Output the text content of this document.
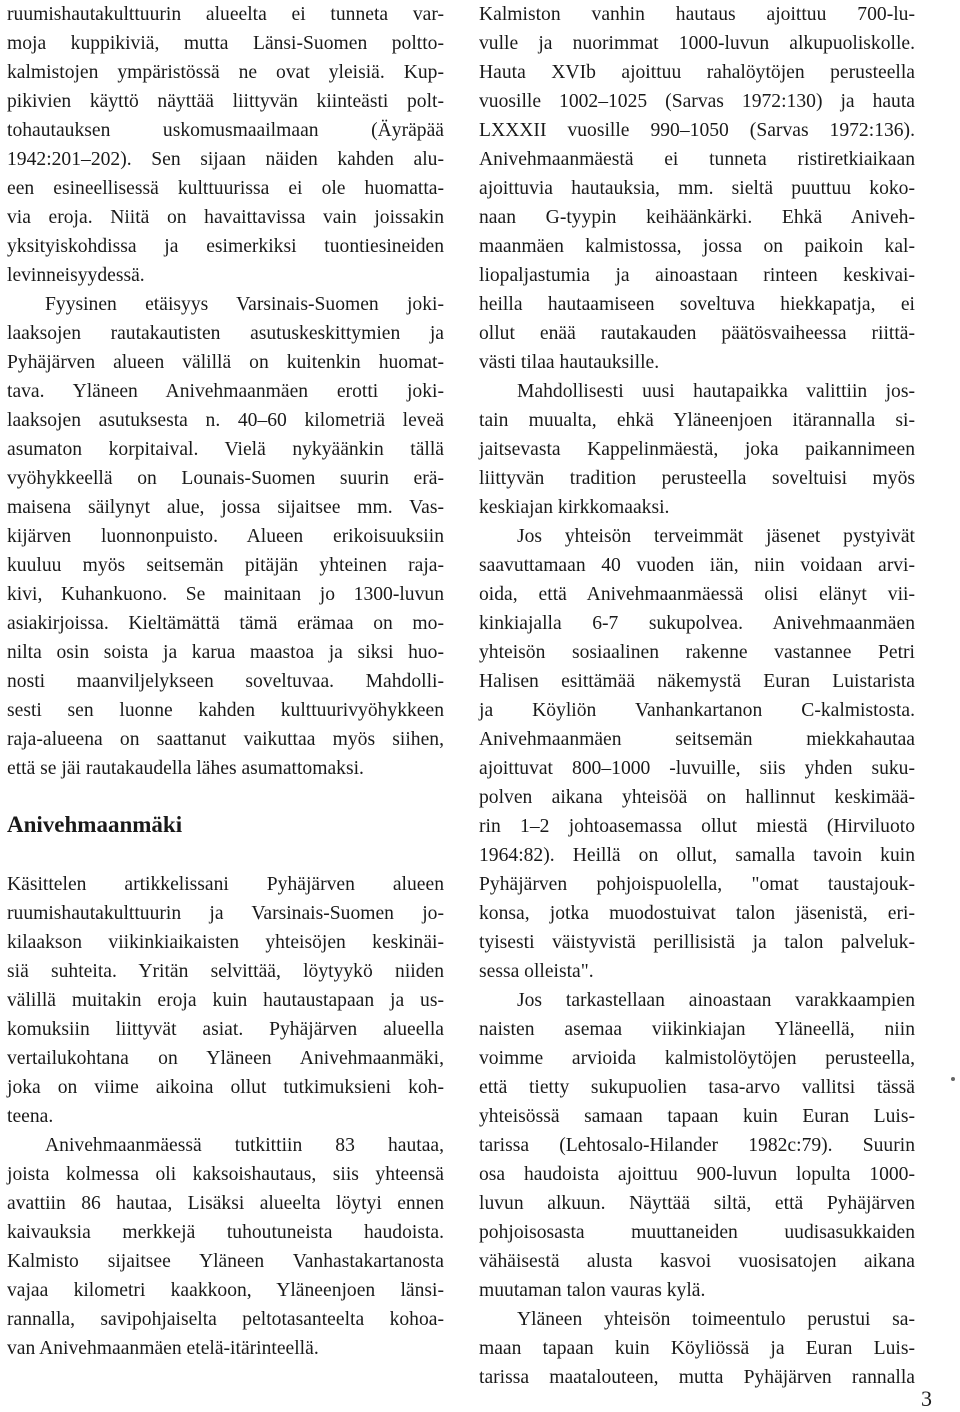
ruumishautakulttuurin alueelta ei tunneta var-
moja kuppikiviä, mutta Länsi-Suomen poltto-
kalmistojen ympäristössä ne ovat yleisiä. Kup-
pikivien käyttö näyttää liittyvän kiinteästi polt-
tohautauksen uskomusmaailmaan (Äyräpää
1942:201–202). Sen sijaan näiden kahden alu-
een esineellisessä kulttuurissa ei ole huomatta-
via eroja. Niitä on havaittavissa vain joissakin
yksityiskohdissa ja esimerkiksi tuontiesineiden
levinneisyydessä.
Fyysinen etäisyys Varsinais-Suomen joki-
laaksojen rautakautisten asutuskeskittymien ja
Pyhäjärven alueen välillä on kuitenkin huomat-
tava. Yläneen Anivehmaanmäen erotti joki-
laaksojen asutuksesta n. 40–60 kilometriä leveä
asumaton korpitaival. Vielä nykyäänkin tällä
vyöhykkeellä on Lounais-Suomen suurin erä-
maisena säilynyt alue, jossa sijaitsee mm. Vas-
kijärven luonnonpuisto. Alueen erikoisuuksiin
kuuluu myös seitsemän pitäjän yhteinen raja-
kivi, Kuhankuono. Se mainitaan jo 1300-luvun
asiakirjoissa. Kieltämättä tämä erämaa on mo-
nilta osin soista ja karua maastoa ja siksi huo-
nosti maanviljelykseen soveltuvaa. Mahdolli-
sesti sen luonne kahden kulttuurivyöhykkeen
raja-alueena on saattanut vaikuttaa myös siihen,
että se jäi rautakaudella lähes asumattomaksi.
Anivehmaanmäki
Käsittelen artikkelissani Pyhäjärven alueen
ruumishautakulttuurin ja Varsinais-Suomen jo-
kilaakson viikinkiaikaisten yhteisöjen keskinäi-
siä suhteita. Yritän selvittää, löytyykö niiden
välillä muitakin eroja kuin hautaustapaan ja us-
komuksiin liittyvät asiat. Pyhäjärven alueella
vertailukohtana on Yläneen Anivehmaanmäki,
joka on viime aikoina ollut tutkimuksieni koh-
teena.
Anivehmaanmäessä tutkittiin 83 hautaa,
joista kolmessa oli kaksoishautaus, siis yhteensä
avattiin 86 hautaa, Lisäksi alueelta löytyi ennen
kaivauksia merkkejä tuhoutuneista haudoista.
Kalmisto sijaitsee Yläneen Vanhastakartanosta
vajaa kilometri kaakkoon, Yläneenjoen länsi-
rannalla, savipohjaiselta peltotasanteelta kohoa-
van Anivehmaanmäen etelä-itärinteellä.
Kalmiston vanhin hautaus ajoittuu 700-lu-
vulle ja nuorimmat 1000-luvun alkupuoliskolle.
Hauta XVIb ajoittuu rahalöytöjen perusteella
vuosille 1002–1025 (Sarvas 1972:130) ja hauta
LXXXII vuosille 990–1050 (Sarvas 1972:136).
Anivehmaanmäestä ei tunneta ristiretkiaikaan
ajoittuvia hautauksia, mm. sieltä puuttuu koko-
naan G-tyypin keihäänkärki. Ehkä Aniveh-
maanmäen kalmistossa, jossa on paikoin kal-
liopaljastumia ja ainoastaan rinteen keskivai-
heilla hautaamiseen soveltuva hiekkapatja, ei
ollut enää rautakauden päätösvaiheessa riittä-
västi tilaa hautauksille.
Mahdollisesti uusi hautapaikka valittiin jos-
tain muualta, ehkä Yläneenjoen itärannalla si-
jaitsevasta Kappelinmäestä, joka paikannimeen
liittyvän tradition perusteella soveltuisi myös
keskiajan kirkkomaaksi.
Jos yhteisön terveimmät jäsenet pystyivät
saavuttamaan 40 vuoden iän, niin voidaan arvi-
oida, että Anivehmaanmäessä olisi elänyt vii-
kinkiajalla 6-7 sukupolvea. Anivehmaanmäen
yhteisön sosiaalinen rakenne vastannee Petri
Halisen esittämää näkemystä Euran Luistarista
ja Köyliön Vanhankartanon C-kalmistosta.
Anivehmaanmäen seitsemän miekkahautaa
ajoittuvat 800–1000 -luvuille, siis yhden suku-
polven aikana yhteisöä on hallinnut keskimää-
rin 1–2 johtoasemassa ollut miestä (Hirviluoto
1964:82). Heillä on ollut, samalla tavoin kuin
Pyhäjärven pohjoispuolella, "omat taustajouk-
konsa, jotka muodostuivat talon jäsenistä, eri-
tyisesti väistyvistä perillisistä ja talon palveluk-
sessa olleista".
Jos tarkastellaan ainoastaan varakkaampien
naisten asemaa viikinkiajan Yläneellä, niin
voimme arvioida kalmistolöytöjen perusteella,
että tietty sukupuolien tasa-arvo vallitsi tässä
yhteisössä samaan tapaan kuin Euran Luis-
tarissa (Lehtosalo-Hilander 1982c:79). Suurin
osa haudoista ajoittuu 900-luvun lopulta 1000-
luvun alkuun. Näyttää siltä, että Pyhäjärven
pohjoisosasta muuttaneiden uudisasukkaiden
vähäisestä alusta kasvoi vuosisatojen aikana
muutaman talon vauras kylä.
Yläneen yhteisön toimeentulo perustui sa-
maan tapaan kuin Köyliössä ja Euran Luis-
tarissa maatalouteen, mutta Pyhäjärven rannalla
3
